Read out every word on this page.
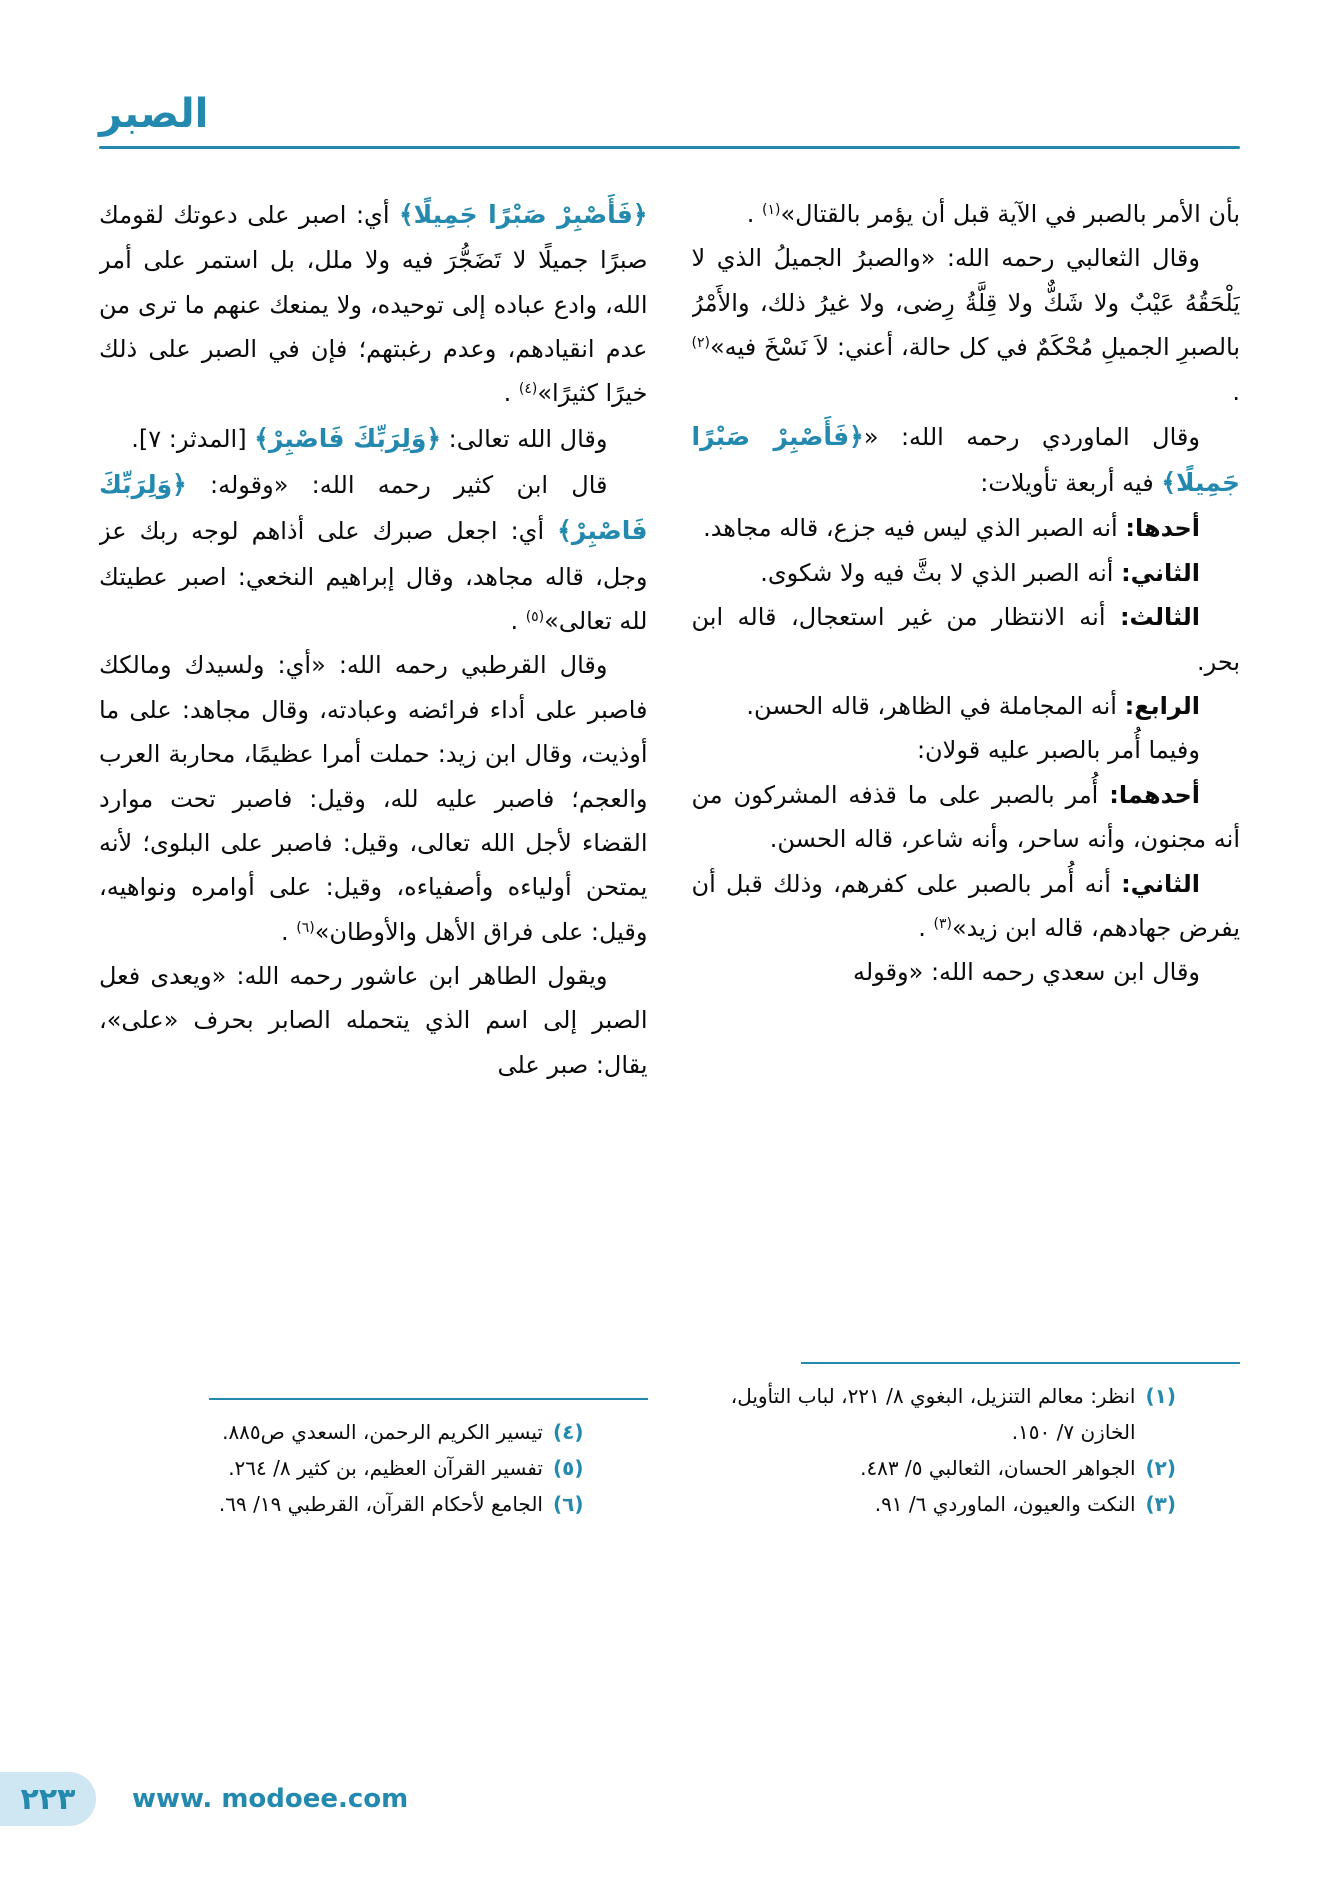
الصبر

بأن الأمر بالصبر في الآية قبل أن يؤمر بالقتال»$^{(١)}$ .

وقال الثعالبي رحمه الله: «والصبرُ الجميلُ الذي لا يَلْحَقُهُ عَيْبٌ ولا شَكٌّ ولا قِلَّةُ رِضى، ولا غيرُ ذلك، والأَمْرُ بالصبرِ الجميلِ مُحْكَمٌ في كل حالة، أعني: لاَ نَسْخَ فيه»$^{(٢)}$ .

وقال الماوردي رحمه الله: «﴿فَأَصْبِرْ صَبْرًا جَمِيلًا﴾ فيه أربعة تأويلات:

أحدها: أنه الصبر الذي ليس فيه جزع، قاله مجاهد.

الثاني: أنه الصبر الذي لا بثَّ فيه ولا شكوى.

الثالث: أنه الانتظار من غير استعجال، قاله ابن بحر.

الرابع: أنه المجاملة في الظاهر، قاله الحسن.

وفيما أُمر بالصبر عليه قولان:

أحدهما: أُمر بالصبر على ما قذفه المشركون من أنه مجنون، وأنه ساحر، وأنه شاعر، قاله الحسن.

الثاني: أنه أُمر بالصبر على كفرهم، وذلك قبل أن يفرض جهادهم، قاله ابن زيد»$^{(٣)}$ .

وقال ابن سعدي رحمه الله: «وقوله

(١)
انظر: معالم التنزيل، البغوي ٨/ ٢٢١، لباب التأويل، الخازن ٧/ ١٥٠.
(٢)
الجواهر الحسان، الثعالبي ٥/ ٤٨٣.
(٣)
النكت والعيون، الماوردي ٦/ ٩١.

﴿فَأَصْبِرْ صَبْرًا جَمِيلًا﴾ أي: اصبر على دعوتك لقومك صبرًا جميلًا لا تَضَجُّرَ فيه ولا ملل، بل استمر على أمر الله، وادع عباده إلى توحيده، ولا يمنعك عنهم ما ترى من عدم انقيادهم، وعدم رغبتهم؛ فإن في الصبر على ذلك خيرًا كثيرًا»$^{(٤)}$ .

وقال الله تعالى: ﴿وَلِرَبِّكَ فَاصْبِرْ﴾ [المدثر: ٧].

قال ابن كثير رحمه الله: «وقوله: ﴿وَلِرَبِّكَ فَاصْبِرْ﴾ أي: اجعل صبرك على أذاهم لوجه ربك عز وجل، قاله مجاهد، وقال إبراهيم النخعي: اصبر عطيتك لله تعالى»$^{(٥)}$ .

وقال القرطبي رحمه الله: «أي: ولسيدك ومالكك فاصبر على أداء فرائضه وعبادته، وقال مجاهد: على ما أوذيت، وقال ابن زيد: حملت أمرا عظيمًا، محاربة العرب والعجم؛ فاصبر عليه لله، وقيل: فاصبر تحت موارد القضاء لأجل الله تعالى، وقيل: فاصبر على البلوى؛ لأنه يمتحن أولياءه وأصفياءه، وقيل: على أوامره ونواهيه، وقيل: على فراق الأهل والأوطان»$^{(٦)}$ .

ويقول الطاهر ابن عاشور رحمه الله: «ويعدى فعل الصبر إلى اسم الذي يتحمله الصابر بحرف «على»، يقال: صبر على

(٤)
تيسير الكريم الرحمن، السعدي ص٨٨٥.
(٥)
تفسير القرآن العظيم، بن كثير ٨/ ٢٦٤.
(٦)
الجامع لأحكام القرآن، القرطبي ١٩/ ٦٩.
٢٢٣ www. modoee.com
